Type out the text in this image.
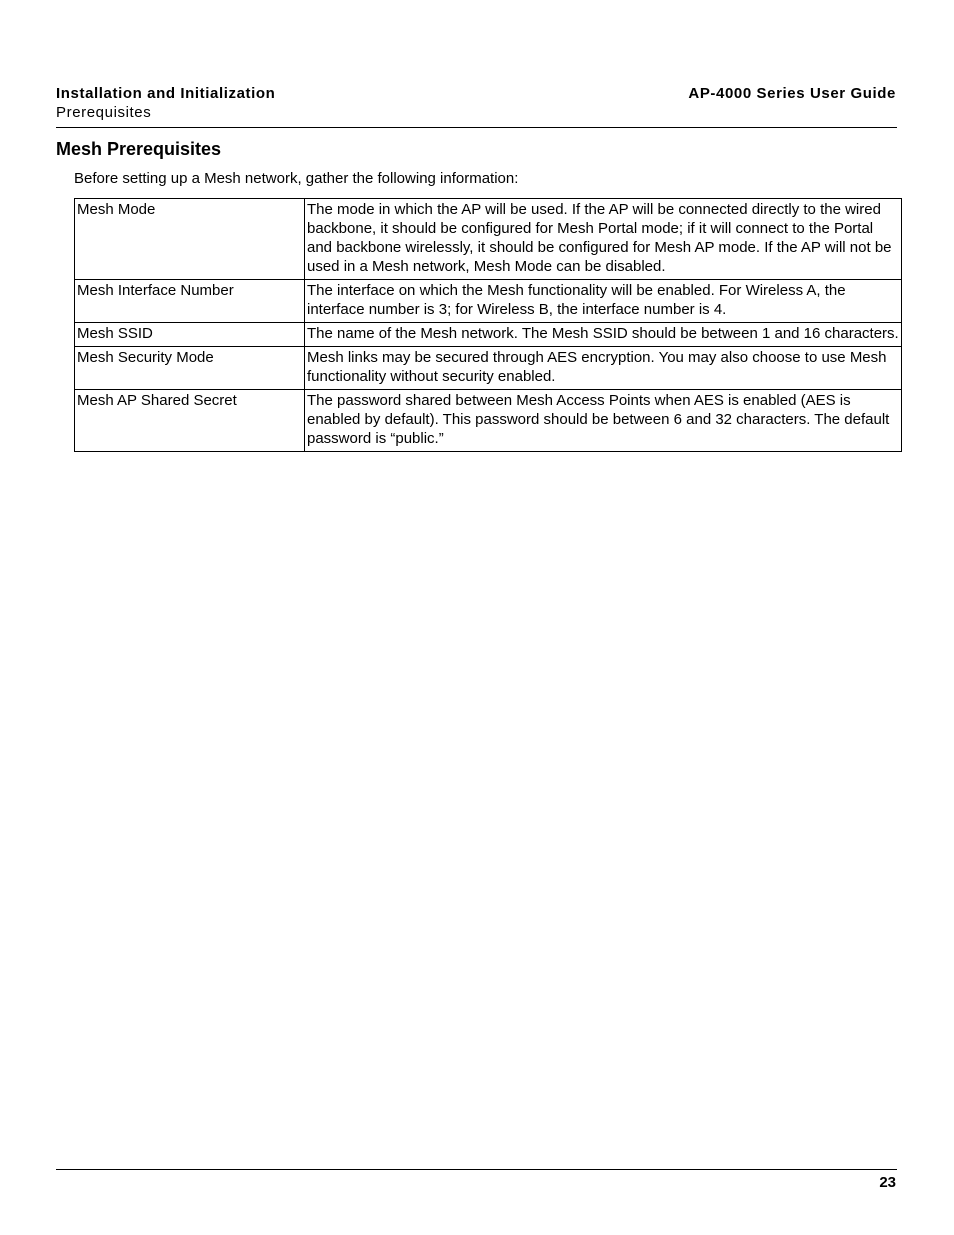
Installation and Initialization
Prerequisites
AP-4000 Series User Guide
Mesh Prerequisites

Before setting up a Mesh network, gather the following information:

Mesh Mode	The mode in which the AP will be used. If the AP will be connected directly to the wired backbone, it should be configured for Mesh Portal mode; if it will connect to the Portal and backbone wirelessly, it should be configured for Mesh AP mode. If the AP will not be used in a Mesh network, Mesh Mode can be disabled.
Mesh Interface Number	The interface on which the Mesh functionality will be enabled. For Wireless A, the interface number is 3; for Wireless B, the interface number is 4.
Mesh SSID	The name of the Mesh network. The Mesh SSID should be between 1 and 16 characters.
Mesh Security Mode	Mesh links may be secured through AES encryption. You may also choose to use Mesh functionality without security enabled.
Mesh AP Shared Secret	The password shared between Mesh Access Points when AES is enabled (AES is enabled by default). This password should be between 6 and 32 characters. The default password is “public.”
23
